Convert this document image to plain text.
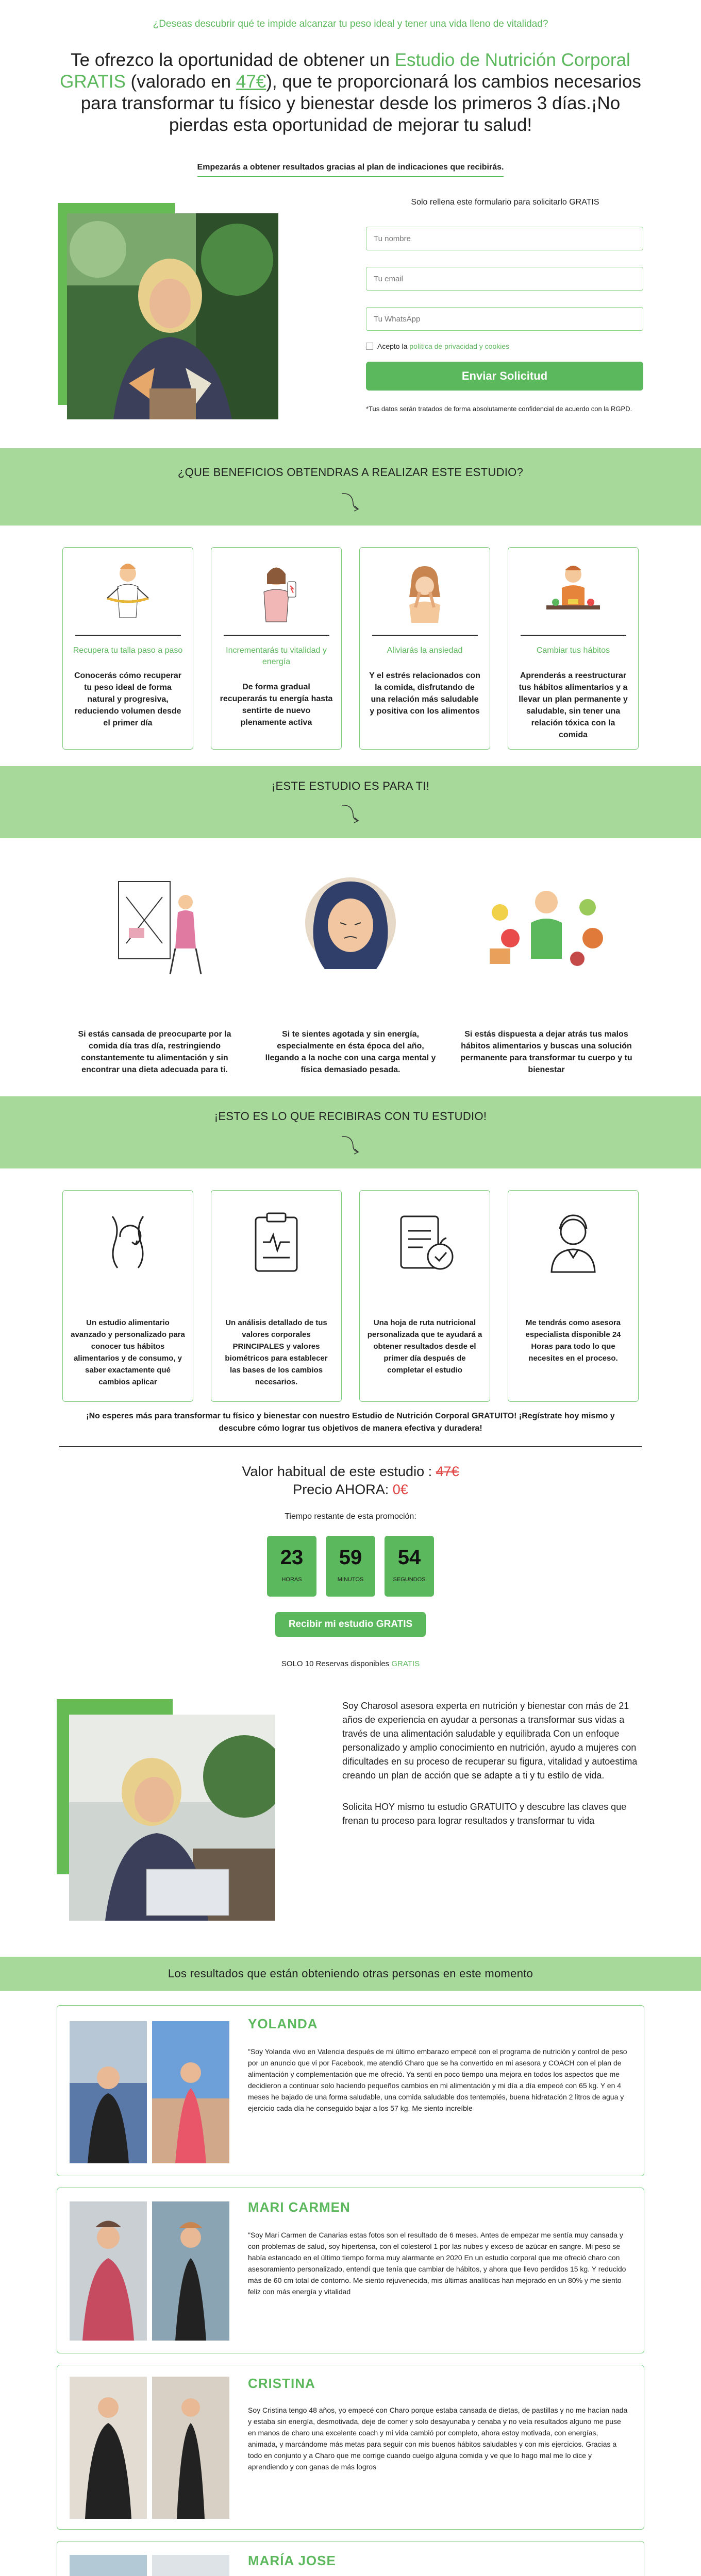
¿Deseas descubrir qué te impide alcanzar tu peso ideal y tener una vida lleno de vitalidad?

Te ofrezco la oportunidad de obtener un Estudio de Nutrición Corporal GRATIS (valorado en 47€), que te proporcionará los cambios necesarios para transformar tu físico y bienestar desde los primeros 3 días.¡No pierdas esta oportunidad de mejorar tu salud!

Empezarás a obtener resultados gracias al plan de indicaciones que recibirás.

Solo rellena este formulario para solicitarlo GRATIS

Tu nombre
Tu email
Tu WhatsApp
Acepto la política de privacidad y cookies
Enviar Solicitud

*Tus datos serán tratados de forma absolutamente confidencial de acuerdo con la RGPD.

¿QUE BENEFICIOS OBTENDRAS A REALIZAR ESTE ESTUDIO?

Recupera tu talla paso a paso

Conocerás cómo recuperar tu peso ideal de forma natural y progresiva, reduciendo volumen desde el primer día

Incrementarás tu vitalidad y energía

De forma gradual recuperarás tu energía hasta sentirte de nuevo plenamente activa

Aliviarás la ansiedad

Y el estrés relacionados con la comida, disfrutando de una relación más saludable y positiva con los alimentos

Cambiar tus hábitos

Aprenderás a reestructurar tus hábitos alimentarios y a llevar un plan permanente y saludable, sin tener una relación tóxica con la comida

¡ESTE ESTUDIO ES PARA TI!

Si estás cansada de preocuparte por la comida día tras día, restringiendo constantemente tu alimentación y sin encontrar una dieta adecuada para ti.

Si te sientes agotada y sin energía, especialmente en ésta época del año, llegando a la noche con una carga mental y física demasiado pesada.

Si estás dispuesta a dejar atrás tus malos hábitos alimentarios y buscas una solución permanente para transformar tu cuerpo y tu bienestar

¡ESTO ES LO QUE RECIBIRAS CON TU ESTUDIO!

Un estudio alimentario avanzado y personalizado para conocer tus hábitos alimentarios y de consumo, y saber exactamente qué cambios aplicar

Un análisis detallado de tus valores corporales PRINCIPALES y valores biométricos para establecer las bases de los cambios necesarios.

Una hoja de ruta nutricional personalizada que te ayudará a obtener resultados desde el primer día después de completar el estudio

Me tendrás como asesora especialista disponible 24 Horas para todo lo que necesites en el proceso.

¡No esperes más para transformar tu físico y bienestar con nuestro Estudio de Nutrición Corporal GRATUITO! ¡Regístrate hoy mismo y descubre cómo lograr tus objetivos de manera efectiva y duradera!

Valor habitual de este estudio : 47€

Precio AHORA: 0€

Tiempo restante de esta promoción:

23
HORAS
59
MINUTOS
54
SEGUNDOS
Recibir mi estudio GRATIS

SOLO 10 Reservas disponibles GRATIS

Soy Charosol asesora experta en nutrición y bienestar con más de 21 años de experiencia en ayudar a personas a transformar sus vidas a través de una alimentación saludable y equilibrada Con un enfoque personalizado y amplio conocimiento en nutrición, ayudo a mujeres con dificultades en su proceso de recuperar su figura, vitalidad y autoestima creando un plan de acción que se adapte a ti y tu estilo de vida.

Solicita HOY mismo tu estudio GRATUITO y descubre las claves que frenan tu proceso para lograr resultados y transformar tu vida

Los resultados que están obteniendo otras personas en este momento

YOLANDA

"Soy Yolanda vivo en Valencia después de mi último embarazo empecé con el programa de nutrición y control de peso por un anuncio que vi por Facebook, me atendió Charo que se ha convertido en mi asesora y COACH con el plan de alimentación y complementación que me ofreció. Ya sentí en poco tiempo una mejora en todos los aspectos que me decidieron a continuar solo haciendo pequeños cambios en mi alimentación y mi día a día empecé con 65 kg. Y en 4 meses he bajado de una forma saludable, una comida saludable dos tentempiés, buena hidratación 2 litros de agua y ejercicio cada día he conseguido bajar a los 57 kg. Me siento increíble

MARI CARMEN

"Soy Mari Carmen de Canarias estas fotos son el resultado de 6 meses. Antes de empezar me sentía muy cansada y con problemas de salud, soy hipertensa, con el colesterol 1 por las nubes y exceso de azúcar en sangre. Mi peso se había estancado en el último tiempo forma muy alarmante en 2020 En un estudio corporal que me ofreció charo con asesoramiento personalizado, entendí que tenía que cambiar de hábitos, y ahora que llevo perdidos 15 kg. Y reducido más de 60 cm total de contorno. Me siento rejuvenecida, mis últimas analíticas han mejorado en un 80% y me siento feliz con más energía y vitalidad

CRISTINA

Soy Cristina tengo 48 años, yo empecé con Charo porque estaba cansada de dietas, de pastillas y no me hacían nada y estaba sin energía, desmotivada, deje de comer y solo desayunaba y cenaba y no veía resultados alguno me puse en manos de charo una excelente coach y mi vida cambió por completo, ahora estoy motivada, con energías, animada, y marcándome más metas para seguir con mis buenos hábitos saludables y con mis ejercicios. Gracias a todo en conjunto y a Charo que me corrige cuando cuelgo alguna comida y ve que lo hago mal me lo dice y aprendiendo y con ganas de más logros

MARÍA JOSE
